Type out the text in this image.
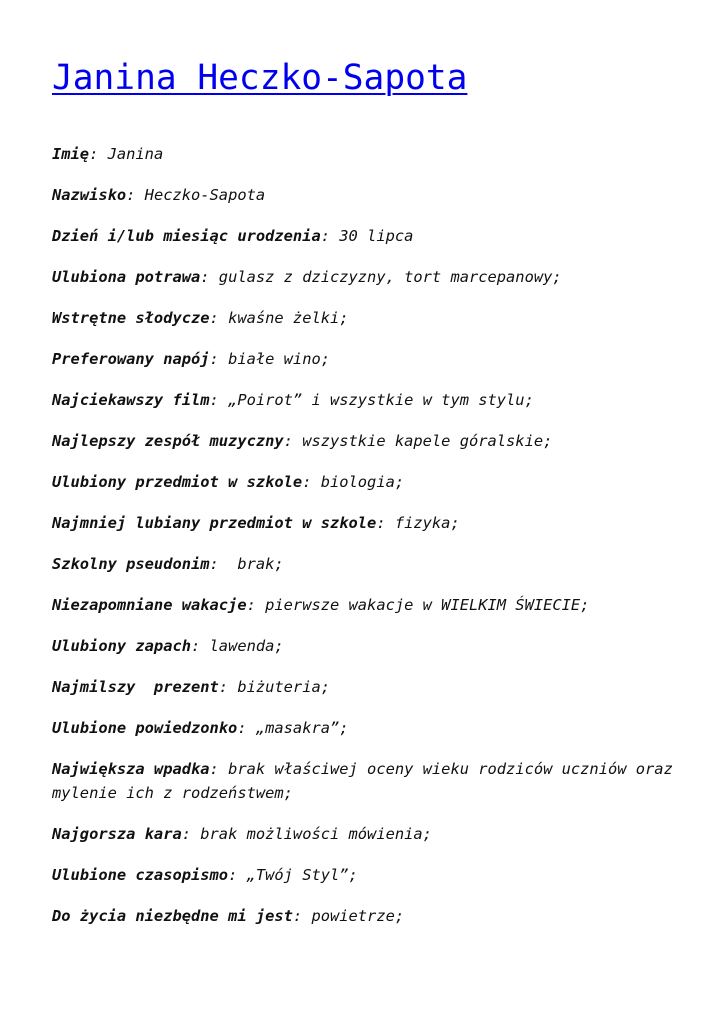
Janina Heczko-Sapota

Imię: Janina

Nazwisko: Heczko-Sapota

Dzień i/lub miesiąc urodzenia: 30 lipca

Ulubiona potrawa: gulasz z dziczyzny, tort marcepanowy;

Wstrętne słodycze: kwaśne żelki;

Preferowany napój: białe wino;

Najciekawszy film: „Poirot” i wszystkie w tym stylu;

Najlepszy zespół muzyczny: wszystkie kapele góralskie;

Ulubiony przedmiot w szkole: biologia;

Najmniej lubiany przedmiot w szkole: fizyka;

Szkolny pseudonim:  brak;

Niezapomniane wakacje: pierwsze wakacje w WIELKIM ŚWIECIE;

Ulubiony zapach: lawenda;

Najmilszy  prezent: biżuteria;

Ulubione powiedzonko: „masakra”;

Największa wpadka: brak właściwej oceny wieku rodziców uczniów oraz mylenie ich z rodzeństwem;

Najgorsza kara: brak możliwości mówienia;

Ulubione czasopismo: „Twój Styl”;

Do życia niezbędne mi jest: powietrze;
